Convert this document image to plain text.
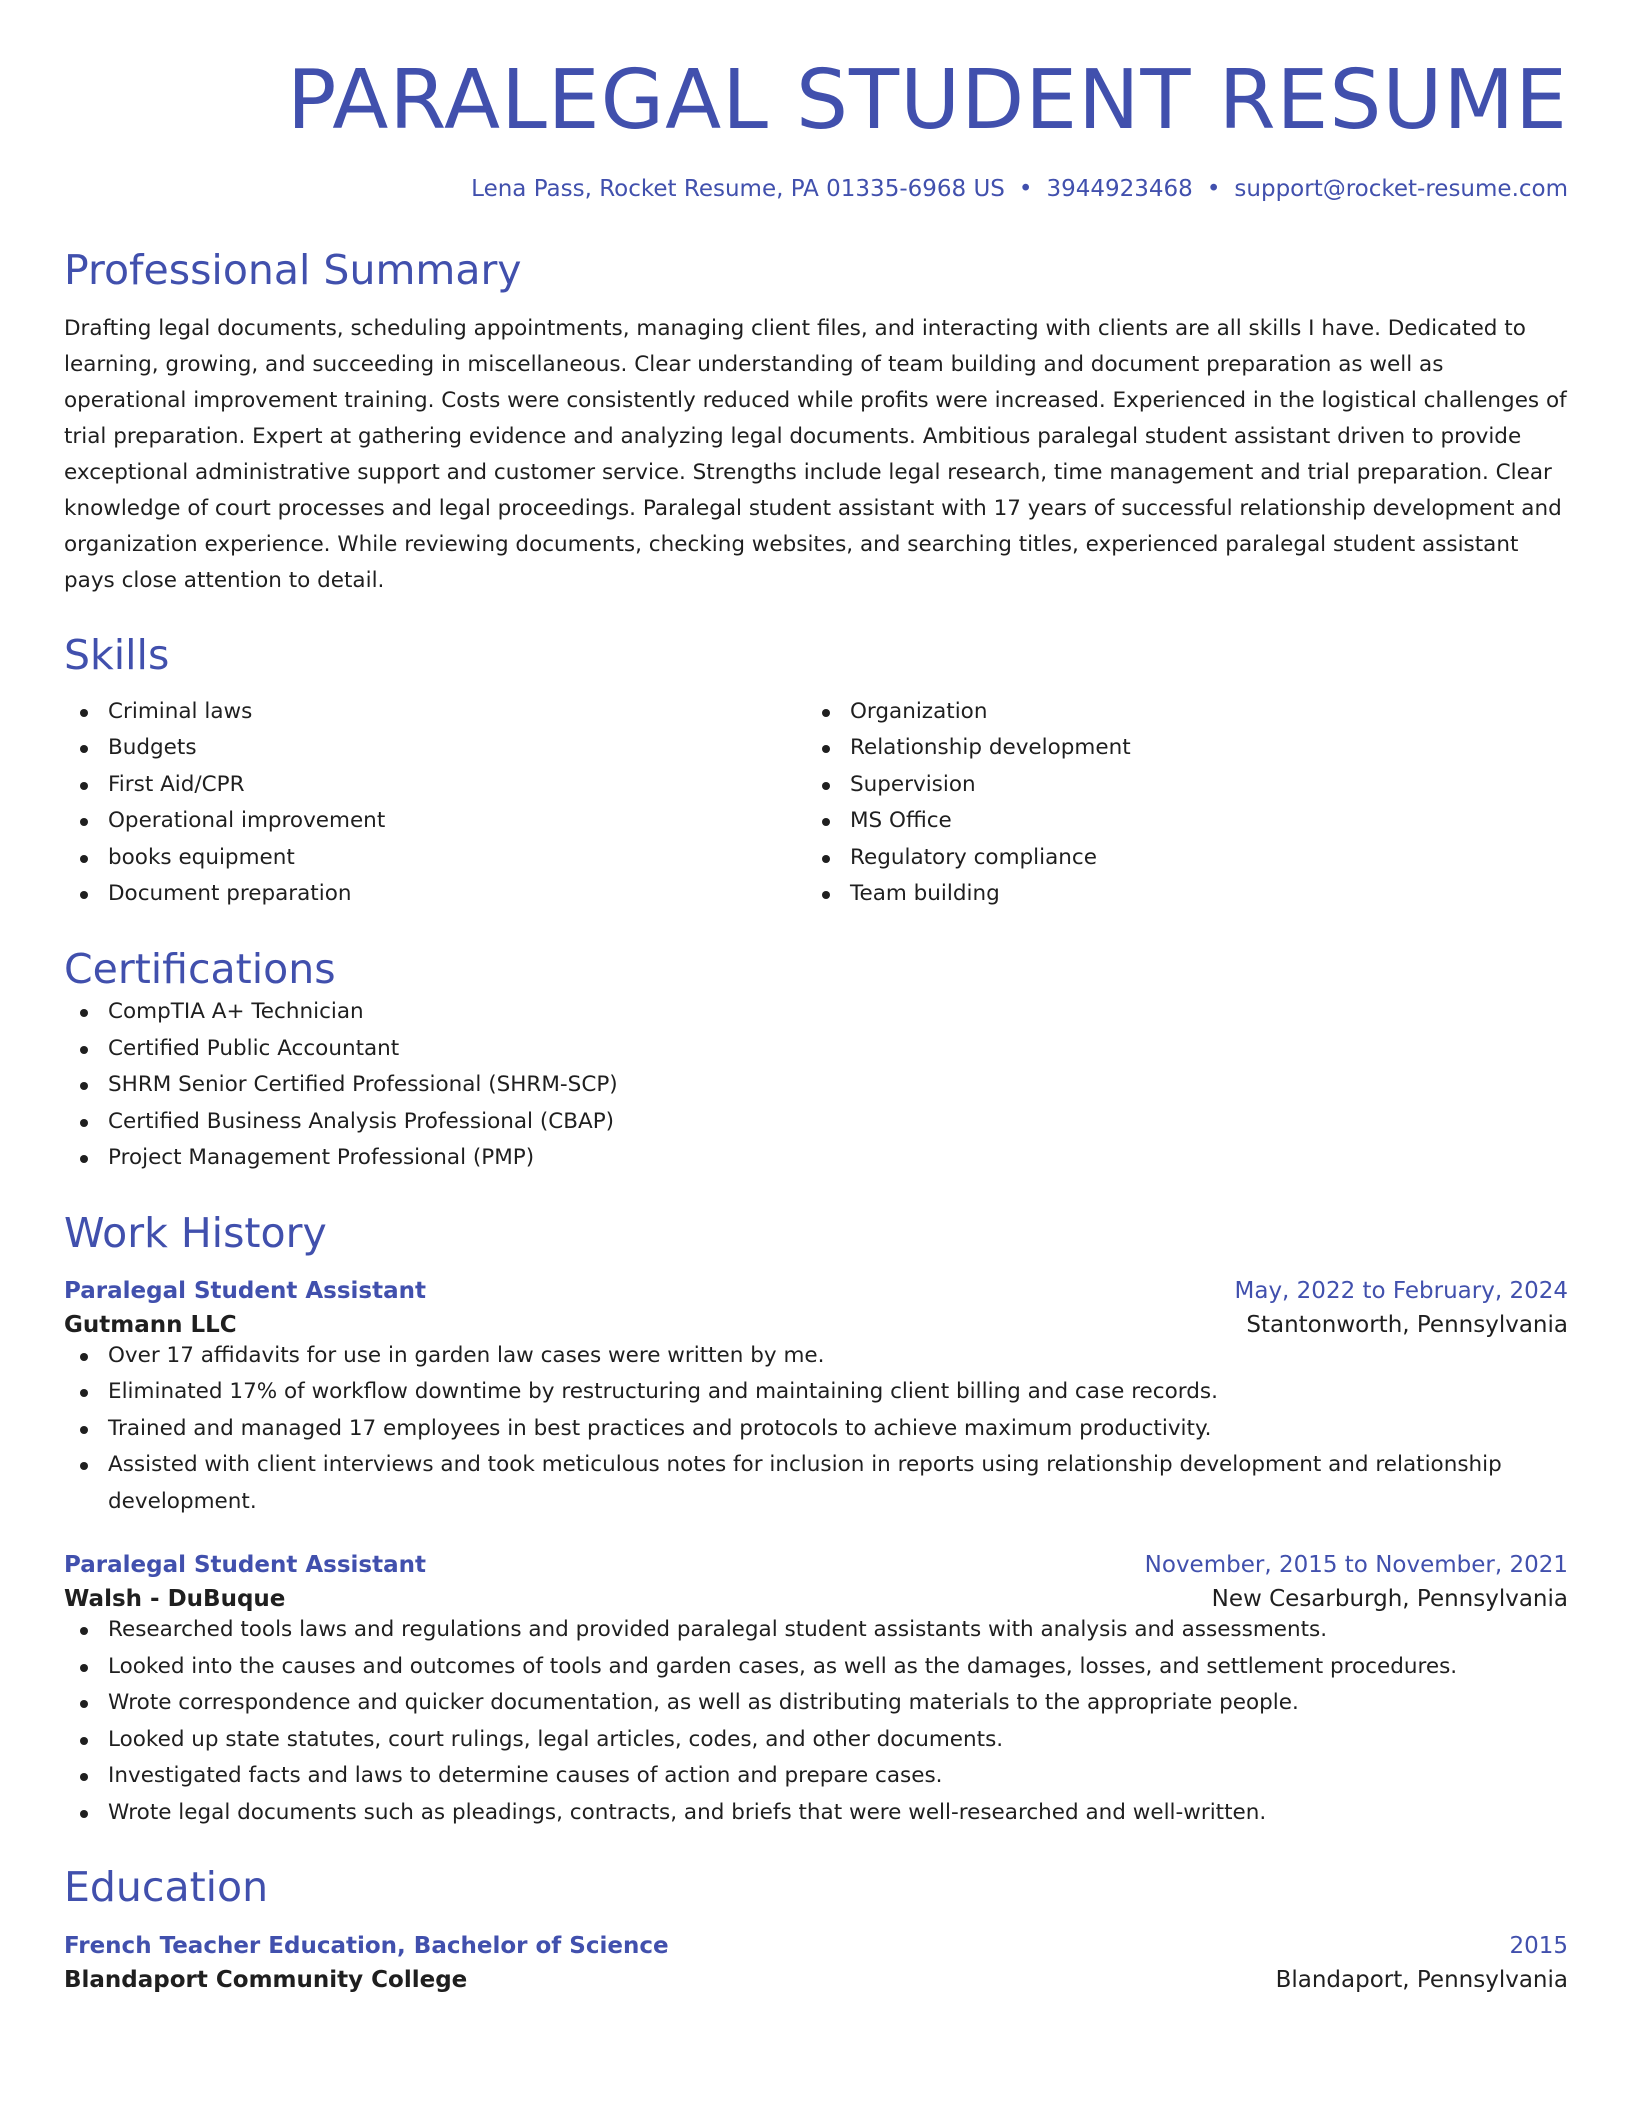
PARALEGAL STUDENT RESUME
Lena Pass, Rocket Resume, PA 01335-6968 US • 3944923468 • support@rocket-resume.com
Professional Summary

Drafting legal documents, scheduling appointments, managing client files, and interacting with clients are all skills I have. Dedicated to learning, growing, and succeeding in miscellaneous. Clear understanding of team building and document preparation as well as operational improvement training. Costs were consistently reduced while profits were increased. Experienced in the logistical challenges of trial preparation. Expert at gathering evidence and analyzing legal documents. Ambitious paralegal student assistant driven to provide exceptional administrative support and customer service. Strengths include legal research, time management and trial preparation. Clear knowledge of court processes and legal proceedings. Paralegal student assistant with 17 years of successful relationship development and organization experience. While reviewing documents, checking websites, and searching titles, experienced paralegal student assistant pays close attention to detail.

Skills
Criminal laws
Budgets
First Aid/CPR
Operational improvement
books equipment
Document preparation
Organization
Relationship development
Supervision
MS Office
Regulatory compliance
Team building
Certifications
CompTIA A+ Technician
Certified Public Accountant
SHRM Senior Certified Professional (SHRM-SCP)
Certified Business Analysis Professional (CBAP)
Project Management Professional (PMP)
Work History
Paralegal Student Assistant	May, 2022 to February, 2024
Gutmann LLC	Stantonworth, Pennsylvania
Over 17 affidavits for use in garden law cases were written by me.
Eliminated 17% of workflow downtime by restructuring and maintaining client billing and case records.
Trained and managed 17 employees in best practices and protocols to achieve maximum productivity.
Assisted with client interviews and took meticulous notes for inclusion in reports using relationship development and relationship development.
Paralegal Student Assistant	November, 2015 to November, 2021
Walsh - DuBuque	New Cesarburgh, Pennsylvania
Researched tools laws and regulations and provided paralegal student assistants with analysis and assessments.
Looked into the causes and outcomes of tools and garden cases, as well as the damages, losses, and settlement procedures.
Wrote correspondence and quicker documentation, as well as distributing materials to the appropriate people.
Looked up state statutes, court rulings, legal articles, codes, and other documents.
Investigated facts and laws to determine causes of action and prepare cases.
Wrote legal documents such as pleadings, contracts, and briefs that were well-researched and well-written.
Education
French Teacher Education, Bachelor of Science	2015
Blandaport Community College	Blandaport, Pennsylvania
